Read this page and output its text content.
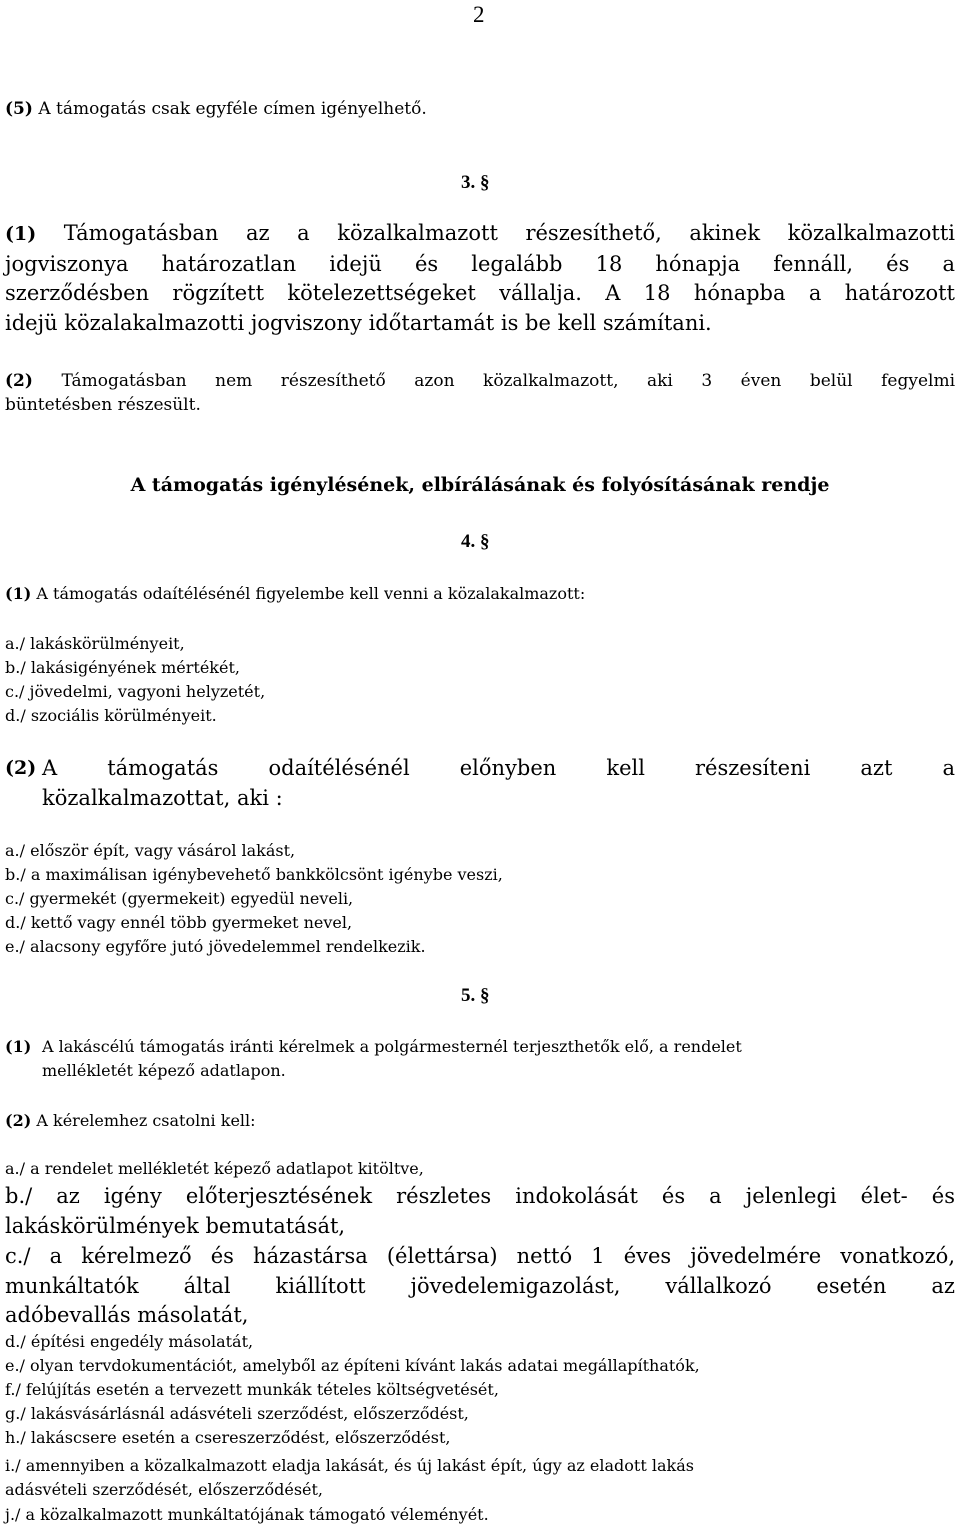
2
(5) A támogatás csak egyféle címen igényelhető.
3. §
(1) Támogatásban az a közalkalmazott részesíthető, akinek közalkalmazotti
jogviszonya határozatlan idejü és legalább 18 hónapja fennáll, és a
szerződésben rögzített kötelezettségeket vállalja. A 18 hónapba a határozott
idejü közalakalmazotti jogviszony időtartamát is be kell számítani.
(2) Támogatásban nem részesíthető azon közalkalmazott, aki 3 éven belül fegyelmi
büntetésben részesült.
A támogatás igénylésének, elbírálásának és folyósításának rendje
4. §
(1) A támogatás odaítélésénél figyelembe kell venni a közalakalmazott:
a./ lakáskörülményeit,
b./ lakásigényének mértékét,
c./ jövedelmi, vagyoni helyzetét,
d./ szociális körülményeit.
(2) A támogatás odaítélésénél előnyben kell részesíteni azt a
közalkalmazottat, aki :
a./ először épít, vagy vásárol lakást,
b./ a maximálisan igénybevehető bankkölcsönt igénybe veszi,
c./ gyermekét (gyermekeit) egyedül neveli,
d./ kettő vagy ennél több gyermeket nevel,
e./ alacsony egyfőre jutó jövedelemmel rendelkezik.
5. §
(1) A lakáscélú támogatás iránti kérelmek a polgármesternél terjeszthetők elő, a rendelet
mellékletét képező adatlapon.
(2) A kérelemhez csatolni kell:
a./ a rendelet mellékletét képező adatlapot kitöltve,
b./ az igény előterjesztésének részletes indokolását és a jelenlegi élet- és
lakáskörülmények bemutatását,
c./ a kérelmező és házastársa (élettársa) nettó 1 éves jövedelmére vonatkozó,
munkáltatók által kiállított jövedelemigazolást, vállalkozó esetén az
adóbevallás másolatát,
d./ építési engedély másolatát,
e./ olyan tervdokumentációt, amelyből az építeni kívánt lakás adatai megállapíthatók,
f./ felújítás esetén a tervezett munkák tételes költségvetését,
g./ lakásvásárlásnál adásvételi szerződést, előszerződést,
h./ lakáscsere esetén a csereszerződést, előszerződést,
i./ amennyiben a közalkalmazott eladja lakását, és új lakást épít, úgy az eladott lakás
adásvételi szerződését, előszerződését,
j./ a közalkalmazott munkáltatójának támogató véleményét.
